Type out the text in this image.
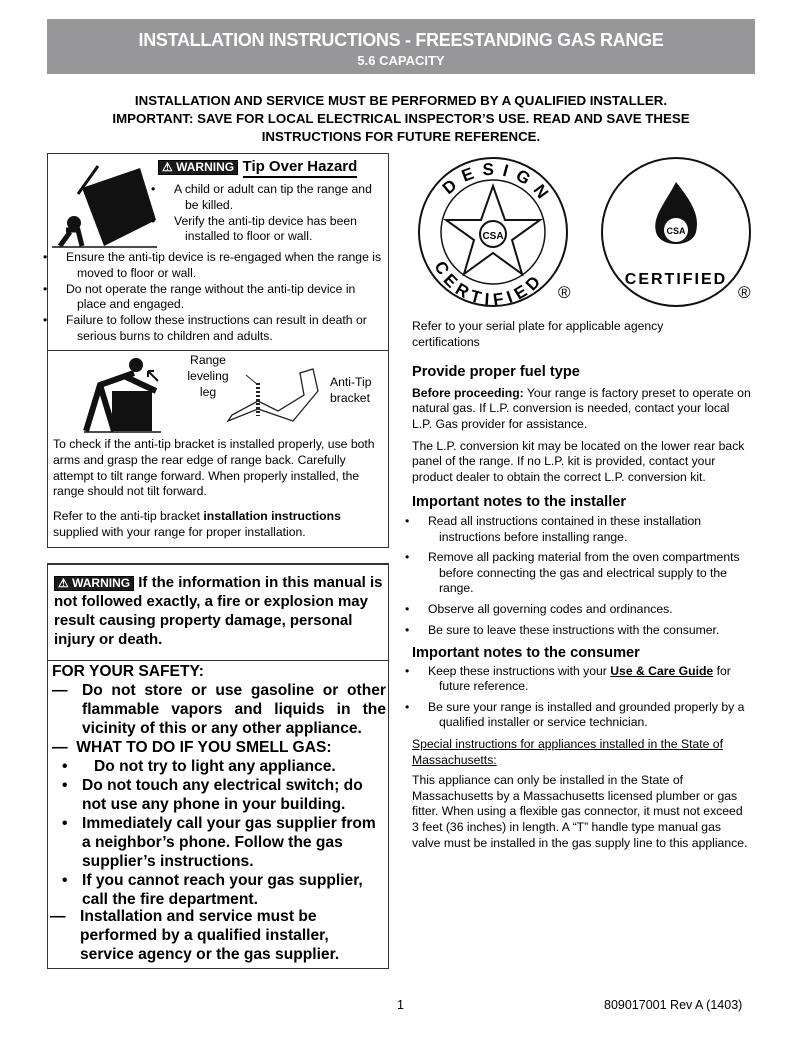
INSTALLATION INSTRUCTIONS - FREESTANDING GAS RANGE
5.6 CAPACITY
INSTALLATION AND SERVICE MUST BE PERFORMED BY A QUALIFIED INSTALLER.
IMPORTANT: SAVE FOR LOCAL ELECTRICAL INSPECTOR’S USE. READ AND SAVE THESE INSTRUCTIONS FOR FUTURE REFERENCE.
⚠ WARNING Tip Over Hazard
• A child or adult can tip the range and be killed.
• Verify the anti-tip device has been installed to floor or wall.
• Ensure the anti-tip device is re-engaged when the range is moved to floor or wall.
• Do not operate the range without the anti-tip device in place and engaged.
• Failure to follow these instructions can result in death or serious burns to children and adults.
Range leveling leg
Anti-Tip bracket
To check if the anti-tip bracket is installed properly, use both arms and grasp the rear edge of range back. Carefully attempt to tilt range forward. When properly installed, the range should not tilt forward.
Refer to the anti-tip bracket installation instructions supplied with your range for proper installation.
⚠ WARNING If the information in this manual is not followed exactly, a fire or explosion may result causing property damage, personal injury or death.
FOR YOUR SAFETY:
— Do not store or use gasoline or other flammable vapors and liquids in the vicinity of this or any other appliance.
— WHAT TO DO IF YOU SMELL GAS:
• Do not try to light any appliance.
• Do not touch any electrical switch; do not use any phone in your building.
• Immediately call your gas supplier from a neighbor’s phone. Follow the gas supplier’s instructions.
• If you cannot reach your gas supplier, call the fire department.
— Installation and service must be performed by a qualified installer, service agency or the gas supplier.
CSA
DESIGN
CERTIFIED ®
CSA
CERTIFIED
®
Refer to your serial plate for applicable agency certifications
Provide proper fuel type
Before proceeding: Your range is factory preset to operate on natural gas. If L.P. conversion is needed, contact your local L.P. Gas provider for assistance.
The L.P. conversion kit may be located on the lower rear back panel of the range. If no L.P. kit is provided, contact your product dealer to obtain the correct L.P. conversion kit.
Important notes to the installer
• Read all instructions contained in these installation instructions before installing range.
• Remove all packing material from the oven compartments before connecting the gas and electrical supply to the range.
• Observe all governing codes and ordinances.
• Be sure to leave these instructions with the consumer.
Important notes to the consumer
• Keep these instructions with your Use & Care Guide for future reference.
• Be sure your range is installed and grounded properly by a qualified installer or service technician.
Special instructions for appliances installed in the State of Massachusetts:
This appliance can only be installed in the State of Massachusetts by a Massachusetts licensed plumber or gas fitter. When using a flexible gas connector, it must not exceed 3 feet (36 inches) in length. A “T” handle type manual gas valve must be installed in the gas supply line to this appliance.
1	809017001 Rev A (1403)
